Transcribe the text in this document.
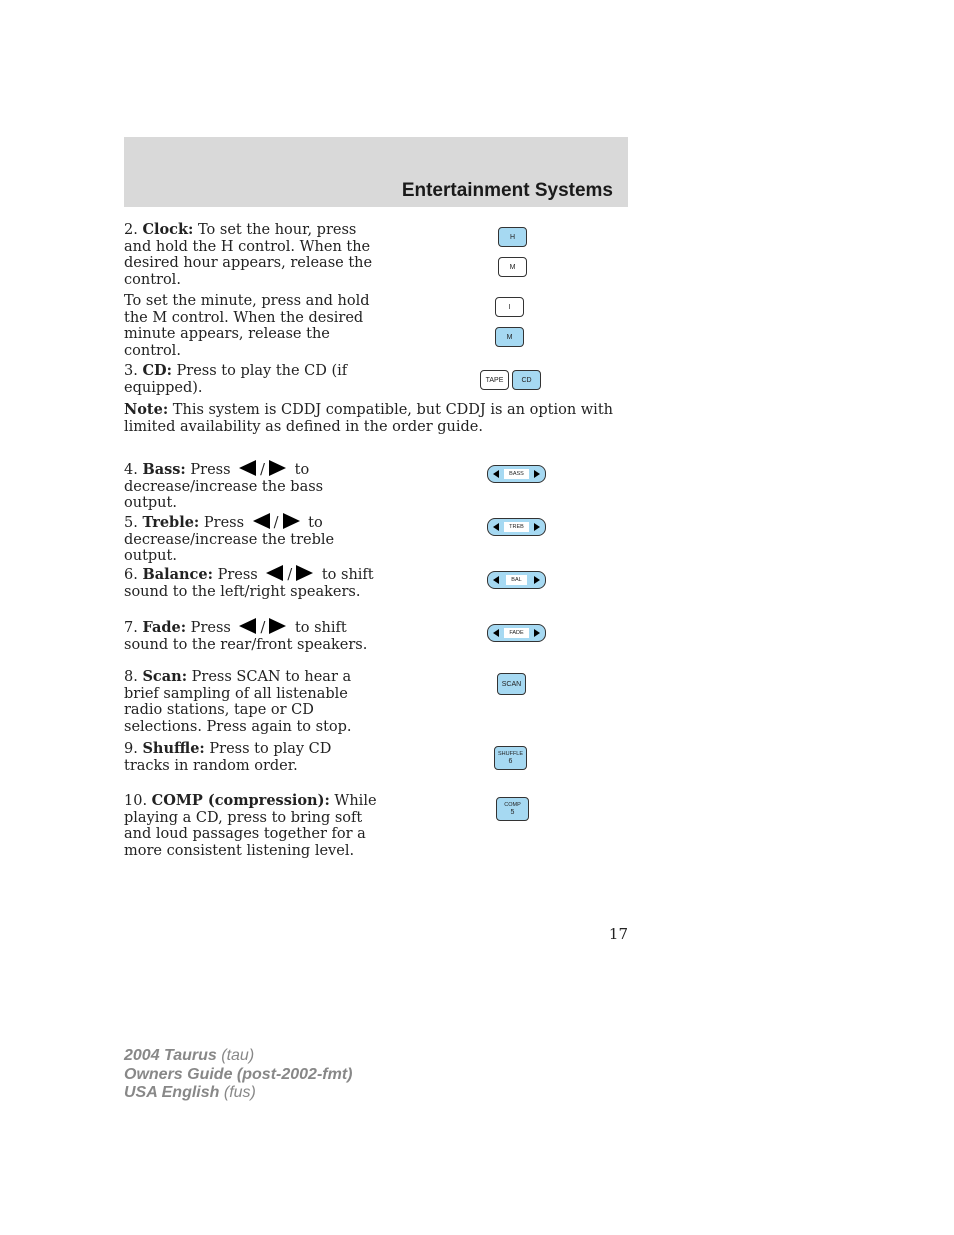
Entertainment Systems
2. Clock: To set the hour, press and hold the H control. When the desired hour appears, release the control.
To set the minute, press and hold the M control. When the desired minute appears, release the control.
H
M
I
M
3. CD: Press to play the CD (if equipped).	TAPE	CD
Note: This system is CDDJ compatible, but CDDJ is an option with limited availability as defined in the order guide.
4. Bass: Press / to decrease/increase the bass output.
BASS
5. Treble: Press / to decrease/increase the treble output.
TREB
6. Balance: Press / to shift sound to the left/right speakers.
BAL
7. Fade: Press / to shift sound to the rear/front speakers.
FADE
8. Scan: Press SCAN to hear a brief sampling of all listenable radio stations, tape or CD selections. Press again to stop.
SCAN
9. Shuffle: Press to play CD tracks in random order.
SHUFFLE
6
10. COMP (compression): While playing a CD, press to bring soft and loud passages together for a more consistent listening level.
COMP
5
17
2004 Taurus (tau)
Owners Guide (post-2002-fmt)
USA English (fus)
